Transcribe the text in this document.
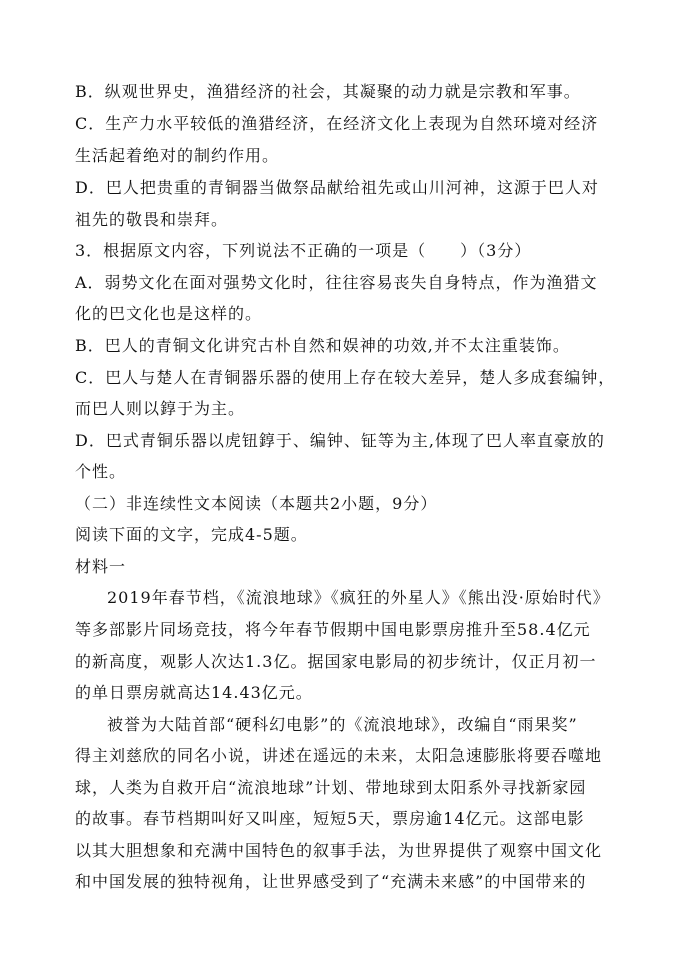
B．纵观世界史，渔猎经济的社会，其凝聚的动力就是宗教和军事。
C．生产力水平较低的渔猎经济，在经济文化上表现为自然环境对经济
生活起着绝对的制约作用。
D．巴人把贵重的青铜器当做祭品献给祖先或山川河神，这源于巴人对
祖先的敬畏和崇拜。
3．根据原文内容，下列说法不正确的一项是（　　）（3分）
A．弱势文化在面对强势文化时，往往容易丧失自身特点，作为渔猎文
化的巴文化也是这样的。
B．巴人的青铜文化讲究古朴自然和娱神的功效,并不太注重装饰。
C．巴人与楚人在青铜器乐器的使用上存在较大差异，楚人多成套编钟，
而巴人则以錞于为主。
D．巴式青铜乐器以虎钮錞于、编钟、钲等为主,体现了巴人率直豪放的
个性。
（二）非连续性文本阅读（本题共2小题，9分）
阅读下面的文字，完成4-5题。
材料一
2019年春节档，《流浪地球》《疯狂的外星人》《熊出没·原始时代》
等多部影片同场竞技，将今年春节假期中国电影票房推升至58.4亿元
的新高度，观影人次达1.3亿。据国家电影局的初步统计，仅正月初一
的单日票房就高达14.43亿元。
被誉为大陆首部“硬科幻电影”的《流浪地球》，改编自“雨果奖”
得主刘慈欣的同名小说，讲述在遥远的未来，太阳急速膨胀将要吞噬地
球，人类为自救开启“流浪地球”计划、带地球到太阳系外寻找新家园
的故事。春节档期叫好又叫座，短短5天，票房逾14亿元。这部电影
以其大胆想象和充满中国特色的叙事手法，为世界提供了观察中国文化
和中国发展的独特视角，让世界感受到了“充满未来感”的中国带来的
